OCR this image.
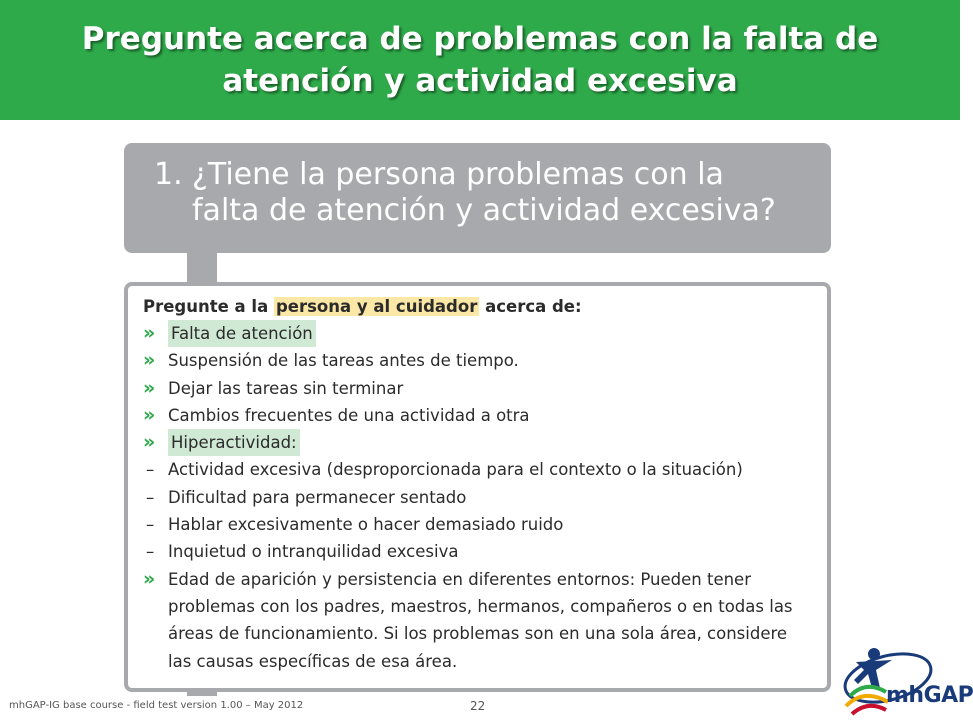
Pregunte acerca de problemas con la falta de
atención y actividad excesiva
1. ¿Tiene la persona problemas con la
falta de atención y actividad excesiva?
Pregunte a la persona y al cuidador acerca de:
» Falta de atención
» Suspensión de las tareas antes de tiempo.
» Dejar las tareas sin terminar
» Cambios frecuentes de una actividad a otra
» Hiperactividad:
– Actividad excesiva (desproporcionada para el contexto o la situación)
– Dificultad para permanecer sentado
– Hablar excesivamente o hacer demasiado ruido
– Inquietud o intranquilidad excesiva
» Edad de aparición y persistencia en diferentes entornos: Pueden tener
problemas con los padres, maestros, hermanos, compañeros o en todas las
áreas de funcionamiento. Si los problemas son en una sola área, considere
las causas específicas de esa área.
mhGAP-IG base course - field test version 1.00 – May 2012	22	mhGAP
